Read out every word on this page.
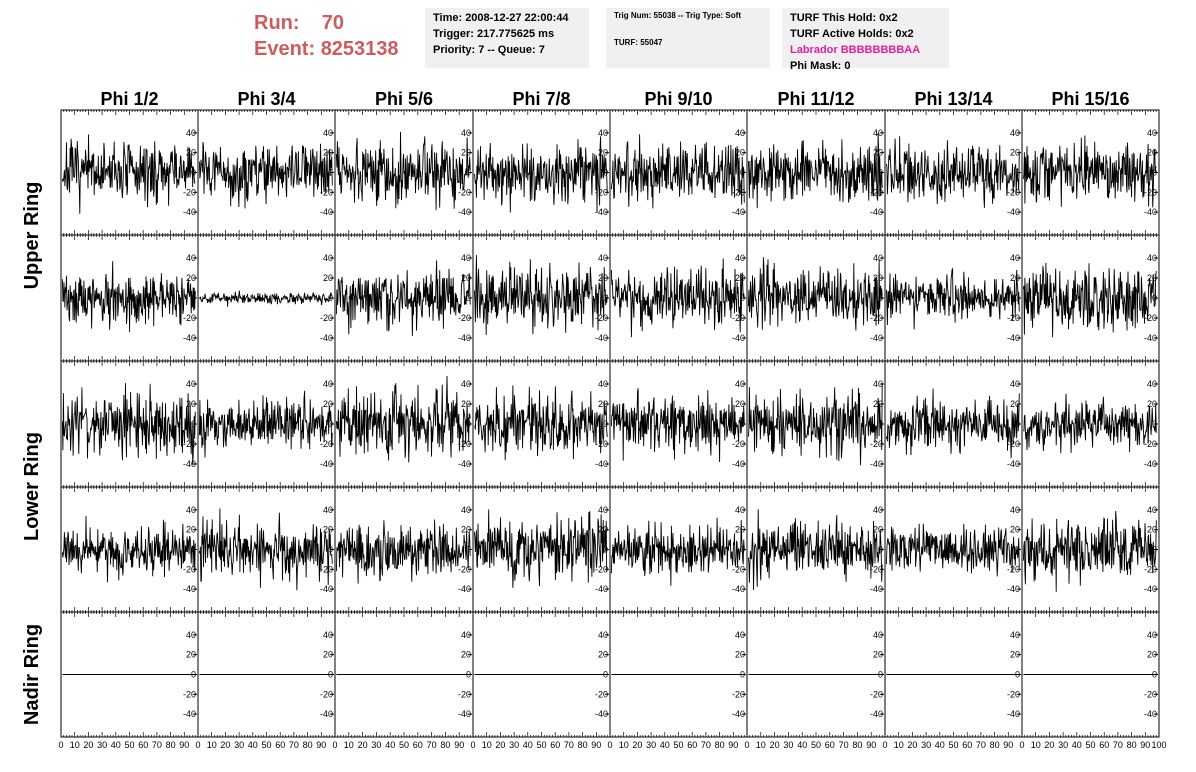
Run: 70
Event: 8253138
Time: 2008-12-27 22:00:44
Trigger: 217.775625 ms
Priority: 7 -- Queue: 7
Trig Num: 55038 -- Trig Type: Soft
TURF: 55047
TURF This Hold: 0x2
TURF Active Holds: 0x2
Labrador BBBBBBBBAA
Phi Mask: 0
Phi 1/2	Phi 3/4	Phi 5/6	Phi 7/8	Phi 9/10	Phi 11/12	Phi 13/14	Phi 15/16
Upper Ring
Lower Ring
Nadir Ring
40
20
0
-20
-40
40
20
0
-20
-40
40
20
0
-20
-40
40
20
0
-20
-40
40
20
0
-20
-40
40
20
0
-20
-40
40
20
0
-20
-40
40
20
0
-20
-40
40
20
0
-20
-40
40
20
0
-20
-40
40
20
0
-20
-40
40
20
0
-20
-40
40
20
0
-20
-40
40
20
0
-20
-40
40
20
0
-20
-40
40
20
0
-20
-40
40
20
0
-20
-40
40
20
0
-20
-40
40
20
0
-20
-40
40
20
0
-20
-40
40
20
0
-20
-40
40
20
0
-20
-40
40
20
0
-20
-40
40
20
0
-20
-40
40
20
0
-20
-40
40
20
0
-20
-40
40
20
0
-20
-40
40
20
0
-20
-40
40
20
0
-20
-40
40
20
0
-20
-40
40
20
0
-20
-40
40
20
0
-20
-40
40
20
0
-20
-40
40
20
0
-20
-40
40
20
0
-20
-40
40
20
0
-20
-40
40
20
0
-20
-40
40
20
0
-20
-40
40
20
0
-20
-40
40
20
0
-20
-40
0 10 20 30 40 50 60 70 80 90 0 10 20 30 40 50 60 70 80 90 0 10 20 30 40 50 60 70 80 90 0 10 20 30 40 50 60 70 80 90 0 10 20 30 40 50 60 70 80 90 0 10 20 30 40 50 60 70 80 90 0 10 20 30 40 50 60 70 80 90 0 10 20 30 40 50 60 70 80 90 100
